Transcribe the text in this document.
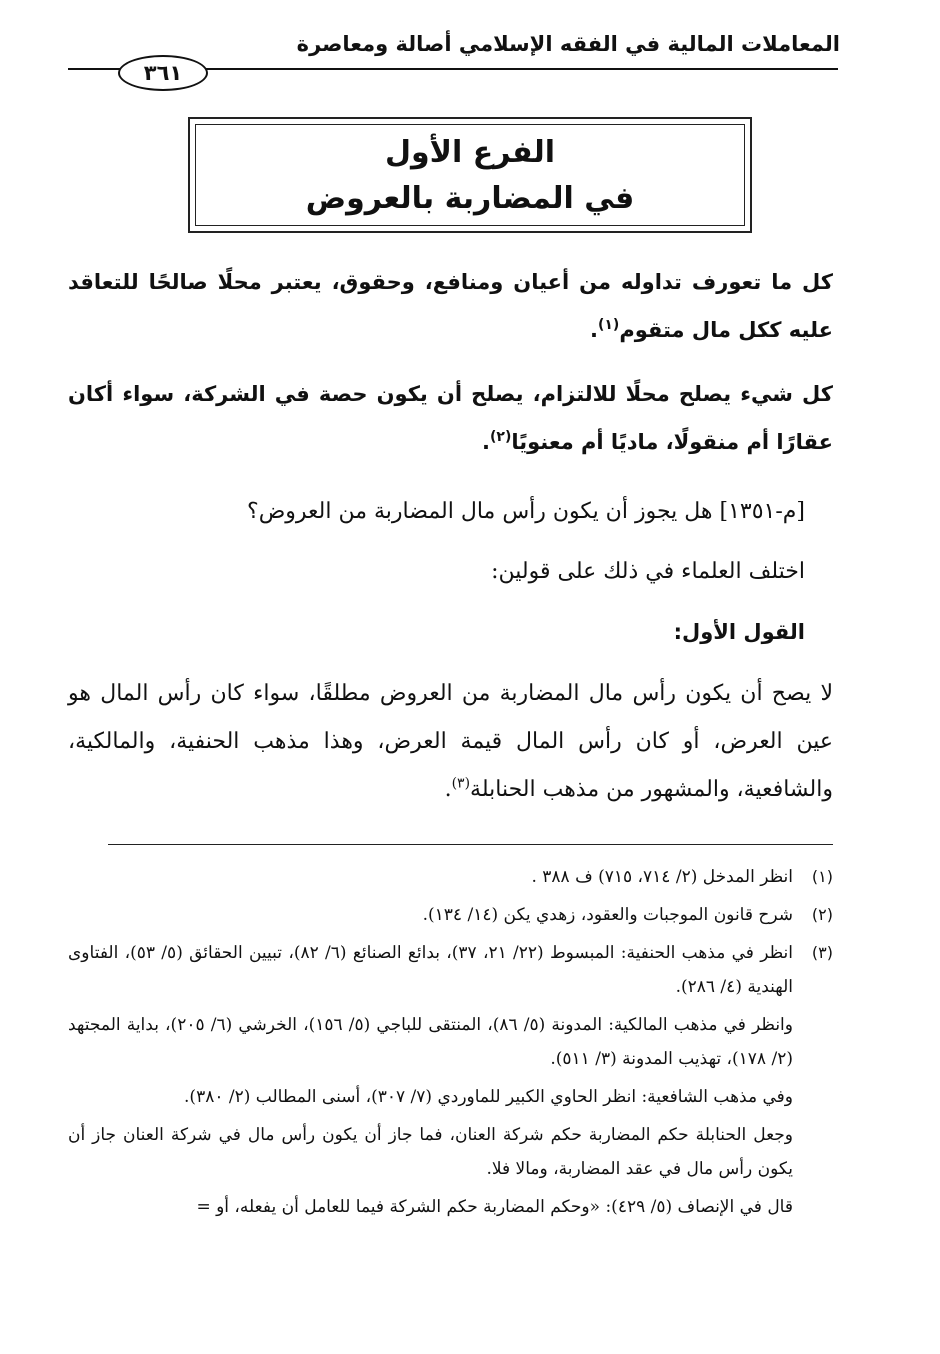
المعاملات المالية في الفقه الإسلامي أصالة ومعاصرة
٣٦١
الفرع الأول
في المضاربة بالعروض
كل ما تعورف تداوله من أعيان ومنافع، وحقوق، يعتبر محلًا صالحًا للتعاقد عليه ككل مال متقوم$^{(١)}$.
كل شيء يصلح محلًا للالتزام، يصلح أن يكون حصة في الشركة، سواء أكان عقارًا أم منقولًا، ماديًا أم معنويًا$^{(٢)}$.
[م-١٣٥١] هل يجوز أن يكون رأس مال المضاربة من العروض؟
اختلف العلماء في ذلك على قولين:
القول الأول:
لا يصح أن يكون رأس مال المضاربة من العروض مطلقًا، سواء كان رأس المال هو عين العرض، أو كان رأس المال قيمة العرض، وهذا مذهب الحنفية، والمالكية، والشافعية، والمشهور من مذهب الحنابلة$^{(٣)}$.
(١)
انظر المدخل (٢/ ٧١٤، ٧١٥) ف ٣٨٨ .
(٢)
شرح قانون الموجبات والعقود، زهدي يكن (١٤/ ١٣٤).
(٣)
انظر في مذهب الحنفية: المبسوط (٢٢/ ٢١، ٣٧)، بدائع الصنائع (٦/ ٨٢)، تبيين الحقائق (٥/ ٥٣)، الفتاوى الهندية (٤/ ٢٨٦).
وانظر في مذهب المالكية: المدونة (٥/ ٨٦)، المنتقى للباجي (٥/ ١٥٦)، الخرشي (٦/ ٢٠٥)، بداية المجتهد (٢/ ١٧٨)، تهذيب المدونة (٣/ ٥١١).
وفي مذهب الشافعية: انظر الحاوي الكبير للماوردي (٧/ ٣٠٧)، أسنى المطالب (٢/ ٣٨٠).
وجعل الحنابلة حكم المضاربة حكم شركة العنان، فما جاز أن يكون رأس مال في شركة العنان جاز أن يكون رأس مال في عقد المضاربة، ومالا فلا.
قال في الإنصاف (٥/ ٤٢٩): «وحكم المضاربة حكم الشركة فيما للعامل أن يفعله، أو =
